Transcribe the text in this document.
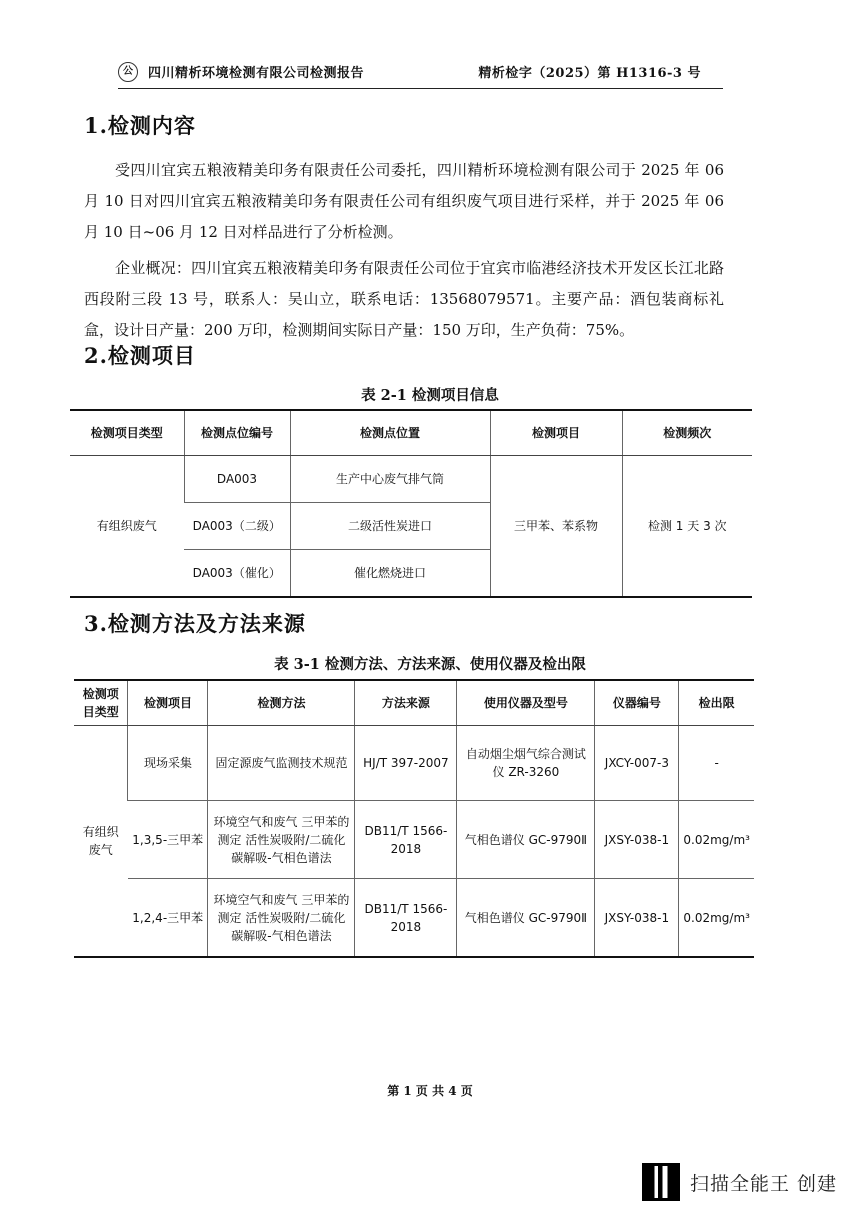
公	四川精析环境检测有限公司检测报告	精析检字（2025）第 H1316-3 号
1.检测内容
受四川宜宾五粮液精美印务有限责任公司委托，四川精析环境检测有限公司于 2025 年 06 月 10 日对四川宜宾五粮液精美印务有限责任公司有组织废气项目进行采样，并于 2025 年 06 月 10 日~06 月 12 日对样品进行了分析检测。
企业概况：四川宜宾五粮液精美印务有限责任公司位于宜宾市临港经济技术开发区长江北路西段附三段 13 号，联系人：吴山立，联系电话：13568079571。主要产品：酒包装商标礼盒，设计日产量：200 万印，检测期间实际日产量：150 万印，生产负荷：75%。
2.检测项目
表 2-1 检测项目信息
检测项目类型	检测点位编号	检测点位置	检测项目	检测频次
有组织废气	DA003	生产中心废气排气筒	三甲苯、苯系物	检测 1 天 3 次
	DA003（二级）	二级活性炭进口		
	DA003（催化）	催化燃烧进口		
3.检测方法及方法来源
表 3-1 检测方法、方法来源、使用仪器及检出限
检测项目类型	检测项目	检测方法	方法来源	使用仪器及型号	仪器编号	检出限
有组织废气	现场采集	固定源废气监测技术规范	HJ/T 397-2007	自动烟尘烟气综合测试仪 ZR-3260	JXCY-007-3	-
	1,3,5-三甲苯	环境空气和废气 三甲苯的测定 活性炭吸附/二硫化碳解吸-气相色谱法	DB11/T 1566-2018	气相色谱仪 GC-9790Ⅱ	JXSY-038-1	0.02mg/m³
	1,2,4-三甲苯	环境空气和废气 三甲苯的测定 活性炭吸附/二硫化碳解吸-气相色谱法	DB11/T 1566-2018	气相色谱仪 GC-9790Ⅱ	JXSY-038-1	0.02mg/m³
第 1 页 共 4 页
扫描全能王 创建
